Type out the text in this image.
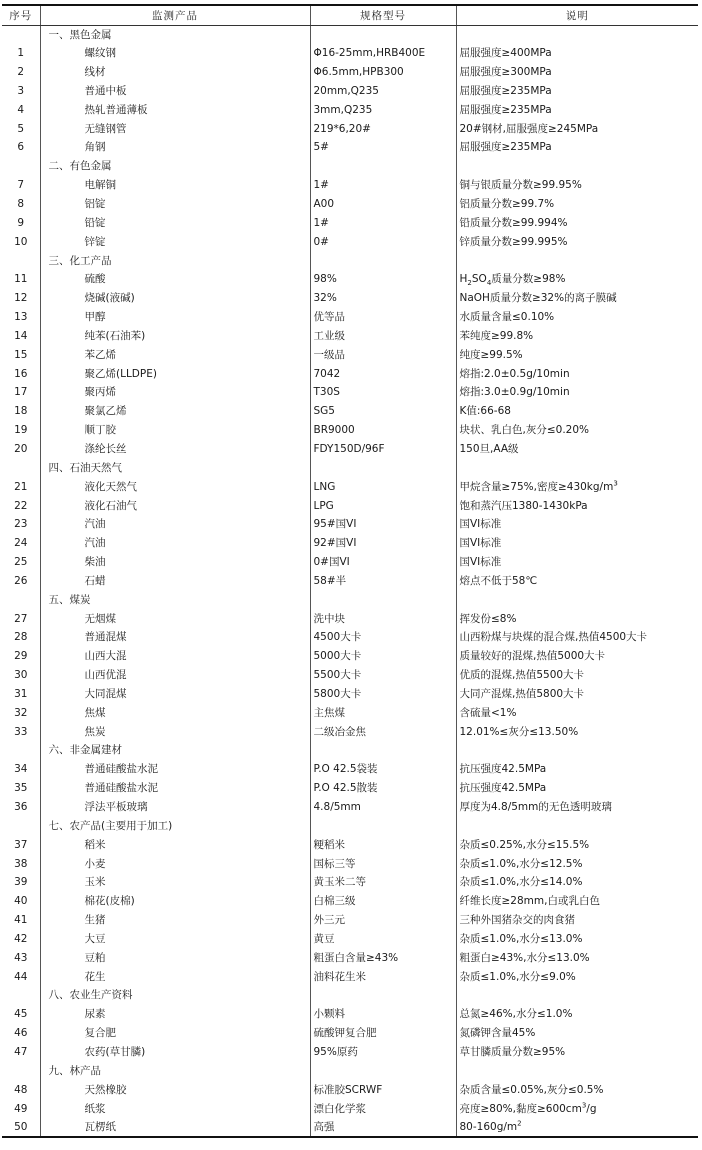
序号	监测产品	规格型号	说明
	一、黑色金属		
1	螺纹钢	Φ16-25mm,HRB400E	屈服强度≥400MPa
2	线材	Φ6.5mm,HPB300	屈服强度≥300MPa
3	普通中板	20mm,Q235	屈服强度≥235MPa
4	热轧普通薄板	3mm,Q235	屈服强度≥235MPa
5	无缝钢管	219*6,20#	20#钢材,屈服强度≥245MPa
6	角钢	5#	屈服强度≥235MPa
	二、有色金属		
7	电解铜	1#	铜与银质量分数≥99.95%
8	铝锭	A00	铝质量分数≥99.7%
9	铅锭	1#	铅质量分数≥99.994%
10	锌锭	0#	锌质量分数≥99.995%
	三、化工产品		
11	硫酸	98%	$H_2SO_4$质量分数≥98%
12	烧碱(液碱)	32%	NaOH质量分数≥32%的离子膜碱
13	甲醇	优等品	水质量含量≤0.10%
14	纯苯(石油苯)	工业级	苯纯度≥99.8%
15	苯乙烯	一级品	纯度≥99.5%
16	聚乙烯(LLDPE)	7042	熔指:2.0±0.5g/10min
17	聚丙烯	T30S	熔指:3.0±0.9g/10min
18	聚氯乙烯	SG5	K值:66-68
19	顺丁胶	BR9000	块状、乳白色,灰分≤0.20%
20	涤纶长丝	FDY150D/96F	150旦,AA级
	四、石油天然气		
21	液化天然气	LNG	甲烷含量≥75%,密度$\ge 430kg/m^3$
22	液化石油气	LPG	饱和蒸汽压1380-1430kPa
23	汽油	95#国VI	国VI标准
24	汽油	92#国VI	国VI标准
25	柴油	0#国VI	国VI标准
26	石蜡	58#半	熔点不低于58℃
	五、煤炭		
27	无烟煤	洗中块	挥发份≤8%
28	普通混煤	4500大卡	山西粉煤与块煤的混合煤,热值4500大卡
29	山西大混	5000大卡	质量较好的混煤,热值5000大卡
30	山西优混	5500大卡	优质的混煤,热值5500大卡
31	大同混煤	5800大卡	大同产混煤,热值5800大卡
32	焦煤	主焦煤	含硫量<1%
33	焦炭	二级冶金焦	12.01%≤灰分≤13.50%
	六、非金属建材		
34	普通硅酸盐水泥	P.O 42.5袋装	抗压强度42.5MPa
35	普通硅酸盐水泥	P.O 42.5散装	抗压强度42.5MPa
36	浮法平板玻璃	4.8/5mm	厚度为4.8/5mm的无色透明玻璃
	七、农产品(主要用于加工)		
37	稻米	粳稻米	杂质≤0.25%,水分≤15.5%
38	小麦	国标三等	杂质≤1.0%,水分≤12.5%
39	玉米	黄玉米二等	杂质≤1.0%,水分≤14.0%
40	棉花(皮棉)	白棉三级	纤维长度≥28mm,白或乳白色
41	生猪	外三元	三种外国猪杂交的肉食猪
42	大豆	黄豆	杂质≤1.0%,水分≤13.0%
43	豆粕	粗蛋白含量≥43%	粗蛋白≥43%,水分≤13.0%
44	花生	油料花生米	杂质≤1.0%,水分≤9.0%
	八、农业生产资料		
45	尿素	小颗料	总氮≥46%,水分≤1.0%
46	复合肥	硫酸钾复合肥	氮磷钾含量45%
47	农药(草甘膦)	95%原药	草甘膦质量分数≥95%
	九、林产品		
48	天然橡胶	标准胶SCRWF	杂质含量≤0.05%,灰分≤0.5%
49	纸浆	漂白化学浆	亮度≥80%,黏度$\ge 600cm^3/g$
50	瓦楞纸	高强	$80-160g/m^2$
